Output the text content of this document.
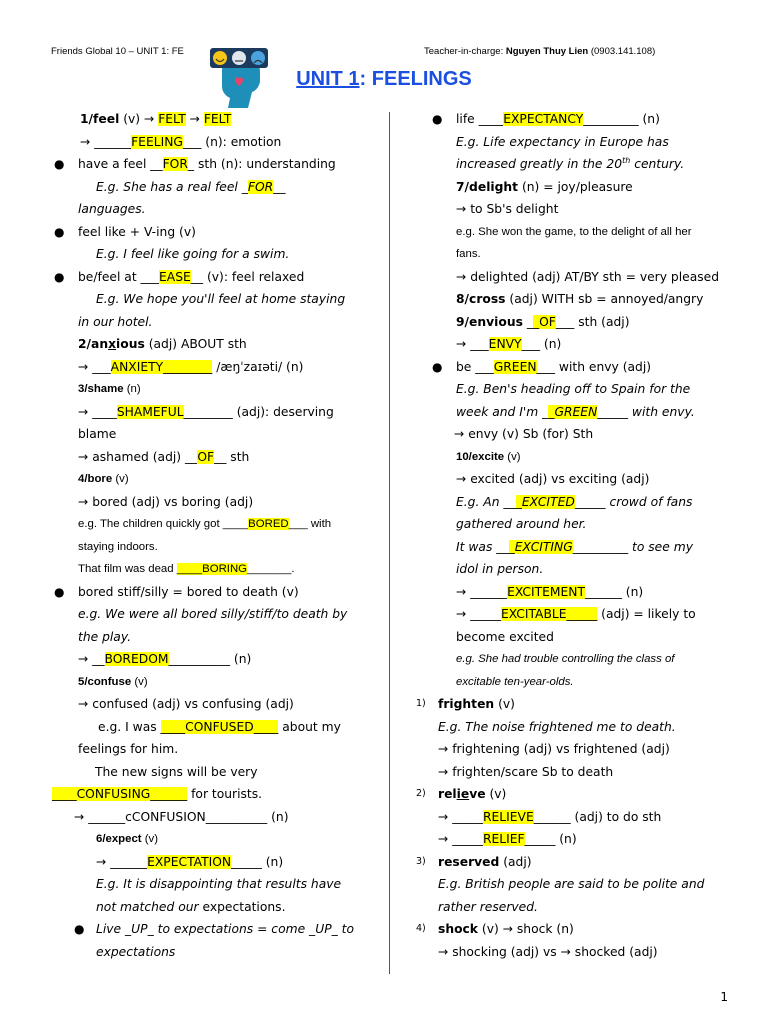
Friends Global 10 – UNIT 1: FE	Teacher-in-charge: Nguyen Thuy Lien (0903.141.108)
UNIT 1: FEELINGS
1/feel (v) → FELT → FELT
→ ______FEELING___ (n): emotion
● have a feel __FOR_ sth (n): understanding
E.g. She has a real feel _FOR__
languages.
● feel like + V-ing (v)
E.g. I feel like going for a swim.
● be/feel at ___EASE__ (v): feel relaxed
E.g. We hope you'll feel at home staying
in our hotel.
2/anxious (adj) ABOUT sth
→ ___ANXIETY________ /æŋˈzaɪəti/ (n)
3/shame (n)
→ ____SHAMEFUL________ (adj): deserving
blame
→ ashamed (adj) __OF__ sth
4/bore (v)
→ bored (adj) vs boring (adj)
e.g. The children quickly got ____BORED___ with
staying indoors.
That film was dead ____BORING_______.
● bored stiff/silly = bored to death (v)
e.g. We were all bored silly/stiff/to death by
the play.
→ __BOREDOM__________ (n)
5/confuse (v)
→ confused (adj) vs confusing (adj)
e.g. I was ____CONFUSED____ about my
feelings for him.
The new signs will be very
____CONFUSING______ for tourists.
→ ______cCONFUSION__________ (n)
6/expect (v)
→ ______EXPECTATION_____ (n)
E.g. It is disappointing that results have
not matched our expectations.
● Live _UP_ to expectations = come _UP_ to
expectations
● life ____EXPECTANCY_________ (n)
E.g. Life expectancy in Europe has
increased greatly in the 20th century.
7/delight (n) = joy/pleasure
→ to Sb's delight
e.g. She won the game, to the delight of all her
fans.
→ delighted (adj) AT/BY sth = very pleased
8/cross (adj) WITH sb = annoyed/angry
9/envious __OF___ sth (adj)
→ ___ENVY___ (n)
● be ___GREEN___ with envy (adj)
E.g. Ben's heading off to Spain for the
week and I'm __GREEN_____ with envy.
→ envy (v) Sb (for) Sth
10/excite (v)
→ excited (adj) vs exciting (adj)
E.g. An ___EXCITED_____ crowd of fans
gathered around her.
It was ___EXCITING_________ to see my
idol in person.
→ ______EXCITEMENT______ (n)
→ _____EXCITABLE_____ (adj) = likely to
become excited
e.g. She had trouble controlling the class of
excitable ten-year-olds.
1) frighten (v)
E.g. The noise frightened me to death.
→ frightening (adj) vs frightened (adj)
→ frighten/scare Sb to death
2) relieve (v)
→ _____RELIEVE______ (adj) to do sth
→ _____RELIEF_____ (n)
3) reserved (adj)
E.g. British people are said to be polite and
rather reserved.
4) shock (v) → shock (n)
→ shocking (adj) vs → shocked (adj)
1
